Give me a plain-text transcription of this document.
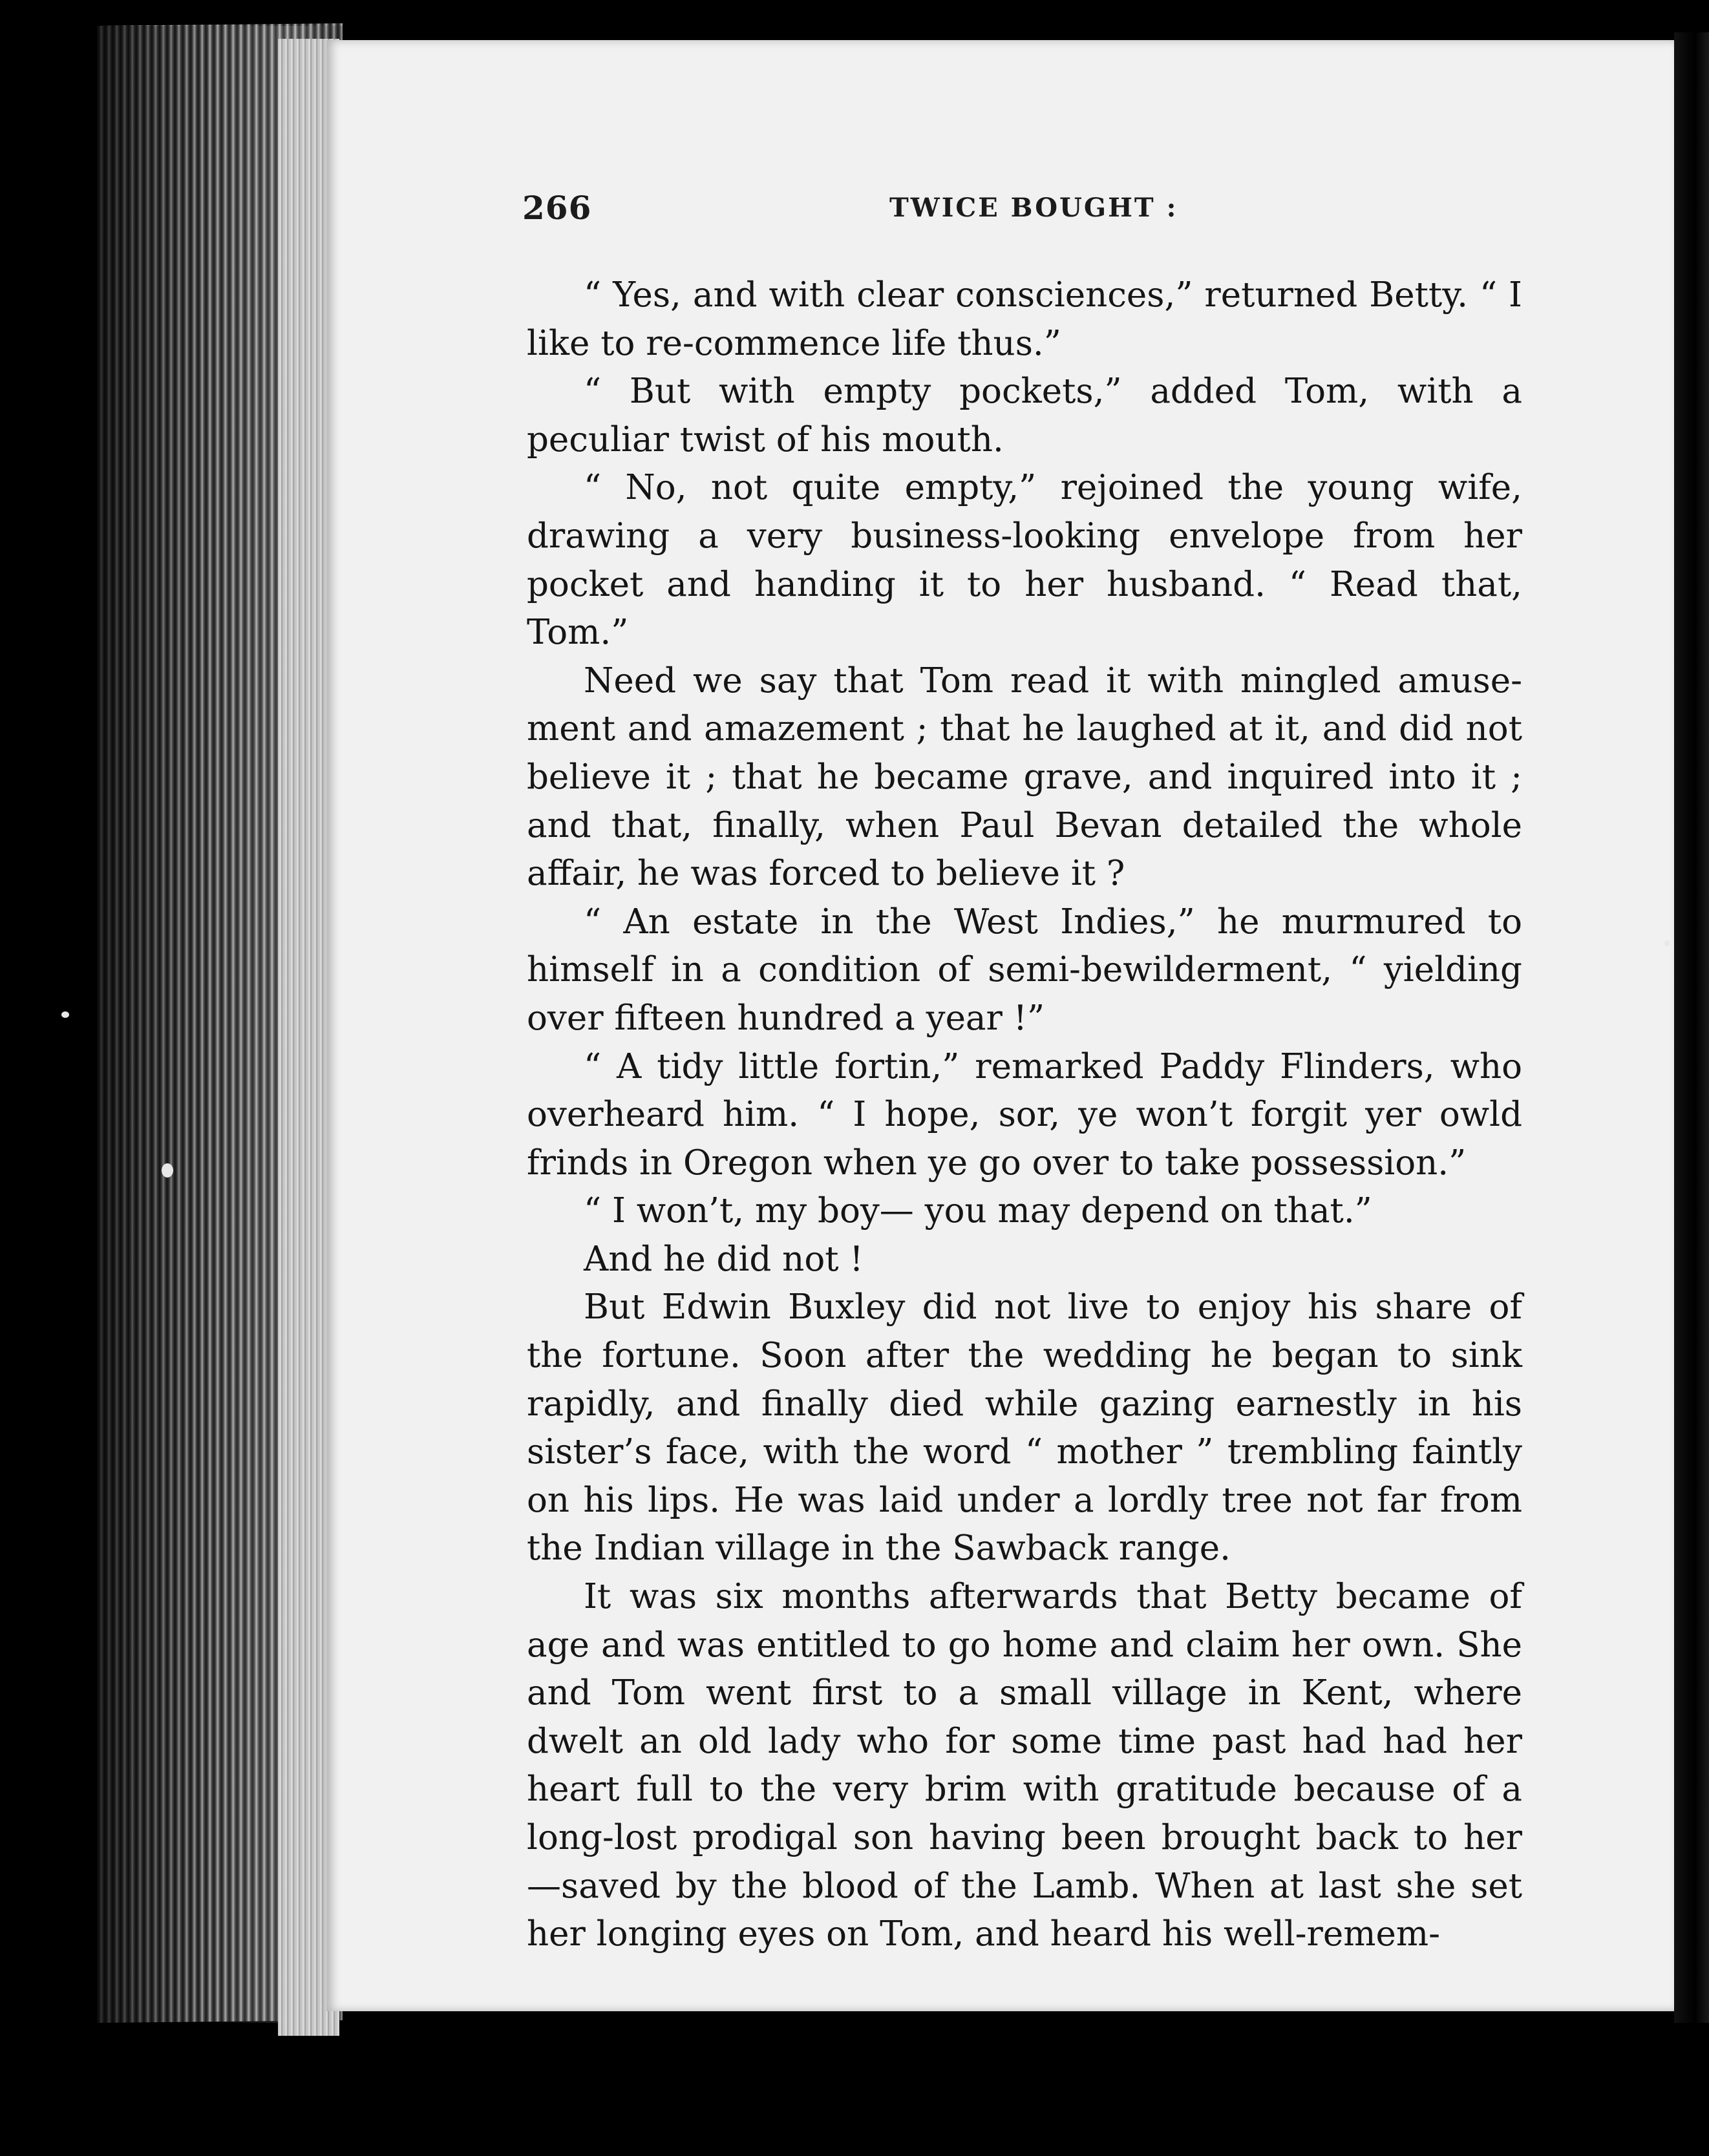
266	TWICE BOUGHT :

“ Yes, and with clear consciences,” returned Betty. “ I like to re-commence life thus.”

“ But with empty pockets,” added Tom, with a peculiar twist of his mouth.

“ No, not quite empty,” rejoined the young wife, drawing a very business-looking envelope from her pocket and handing it to her husband. “ Read that, Tom.”

Need we say that Tom read it with mingled amusement and amazement ; that he laughed at it, and did not believe it ; that he became grave, and inquired into it ; and that, finally, when Paul Bevan detailed the whole affair, he was forced to believe it ?

“ An estate in the West Indies,” he murmured to himself in a condition of semi-bewilderment, “ yielding over fifteen hundred a year !”

“ A tidy little fortin,” remarked Paddy Flinders, who overheard him. “ I hope, sor, ye won’t forgit yer owld frinds in Oregon when ye go over to take possession.”

“ I won’t, my boy— you may depend on that.”

And he did not !

But Edwin Buxley did not live to enjoy his share of the fortune. Soon after the wedding he began to sink rapidly, and finally died while gazing earnestly in his sister’s face, with the word “ mother ” trembling faintly on his lips. He was laid under a lordly tree not far from the Indian village in the Sawback range.

It was six months afterwards that Betty became of age and was entitled to go home and claim her own. She and Tom went first to a small village in Kent, where dwelt an old lady who for some time past had had her heart full to the very brim with gratitude because of a long-lost prodigal son having been brought back to her —saved by the blood of the Lamb. When at last she set her longing eyes on Tom, and heard his well-remem-
